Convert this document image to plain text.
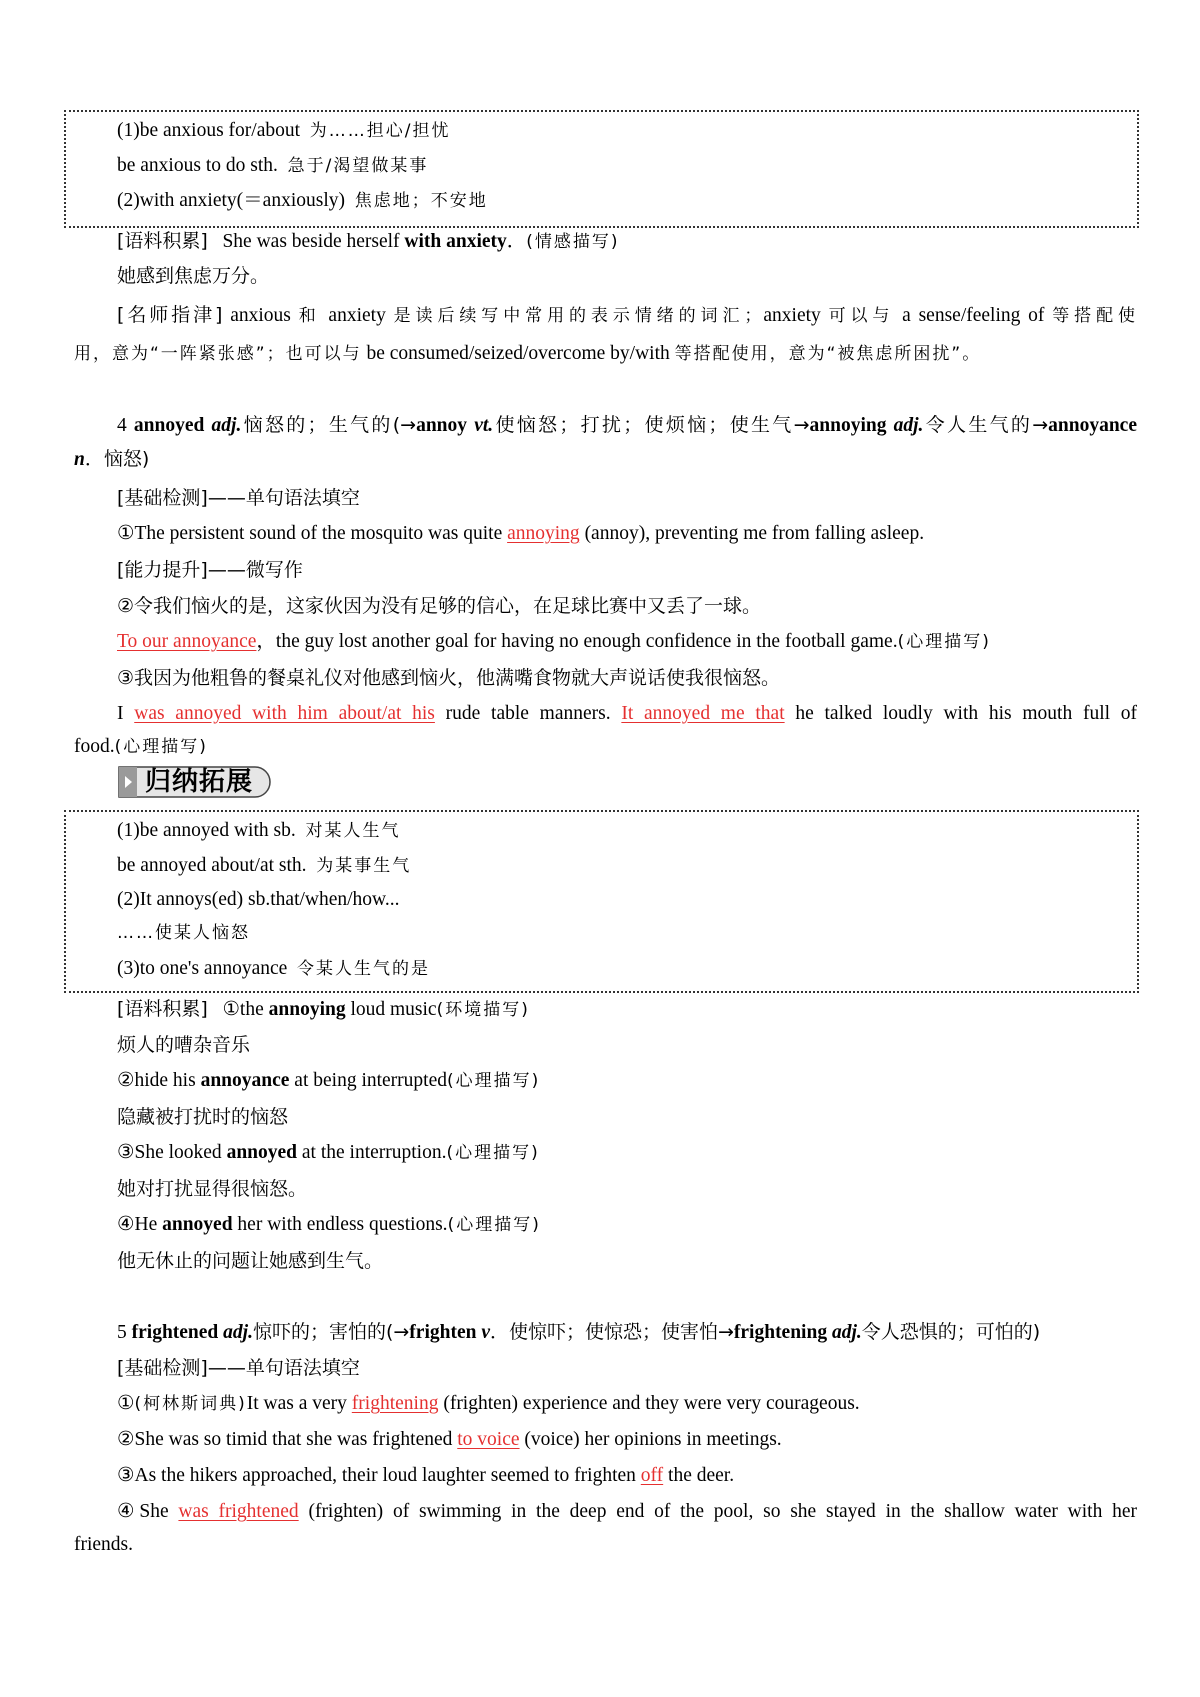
(1)be anxious for/about 为……担心/担忧
be anxious to do sth. 急于/渴望做某事
(2)with anxiety(＝anxiously) 焦虑地；不安地
[语料积累] She was beside herself with anxiety．(情感描写)
她感到焦虑万分。
[名师指津] anxious 和 anxiety 是读后续写中常用的表示情绪的词汇；anxiety 可以与 a sense/feeling of 等搭配使
用，意为“一阵紧张感”；也可以与 be consumed/seized/overcome by/with 等搭配使用，意为“被焦虑所困扰”。
4 annoyed adj.恼怒的；生气的(→annoy vt.使恼怒；打扰；使烦恼；使生气→annoying adj.令人生气的→annoyance
n．恼怒)
[基础检测]——单句语法填空
①The persistent sound of the mosquito was quite annoying (annoy), preventing me from falling asleep.
[能力提升]——微写作
②令我们恼火的是，这家伙因为没有足够的信心，在足球比赛中又丢了一球。
To our annoyance，the guy lost another goal for having no enough confidence in the football game.(心理描写)
③我因为他粗鲁的餐桌礼仪对他感到恼火，他满嘴食物就大声说话使我很恼怒。
I was annoyed with him about/at his rude table manners. It annoyed me that he talked loudly with his mouth full of
food.(心理描写)
归纳拓展
(1)be annoyed with sb. 对某人生气
be annoyed about/at sth. 为某事生气
(2)It annoys(ed) sb.that/when/how...
……使某人恼怒
(3)to one's annoyance 令某人生气的是
[语料积累] ①the annoying loud music(环境描写)
烦人的嘈杂音乐
②hide his annoyance at being interrupted(心理描写)
隐藏被打扰时的恼怒
③She looked annoyed at the interruption.(心理描写)
她对打扰显得很恼怒。
④He annoyed her with endless questions.(心理描写)
他无休止的问题让她感到生气。
5 frightened adj.惊吓的；害怕的(→frighten v．使惊吓；使惊恐；使害怕→frightening adj.令人恐惧的；可怕的)
[基础检测]——单句语法填空
①(柯林斯词典)It was a very frightening (frighten) experience and they were very courageous.
②She was so timid that she was frightened to voice (voice) her opinions in meetings.
③As the hikers approached, their loud laughter seemed to frighten off the deer.
④She was frightened (frighten) of swimming in the deep end of the pool, so she stayed in the shallow water with her
friends.
